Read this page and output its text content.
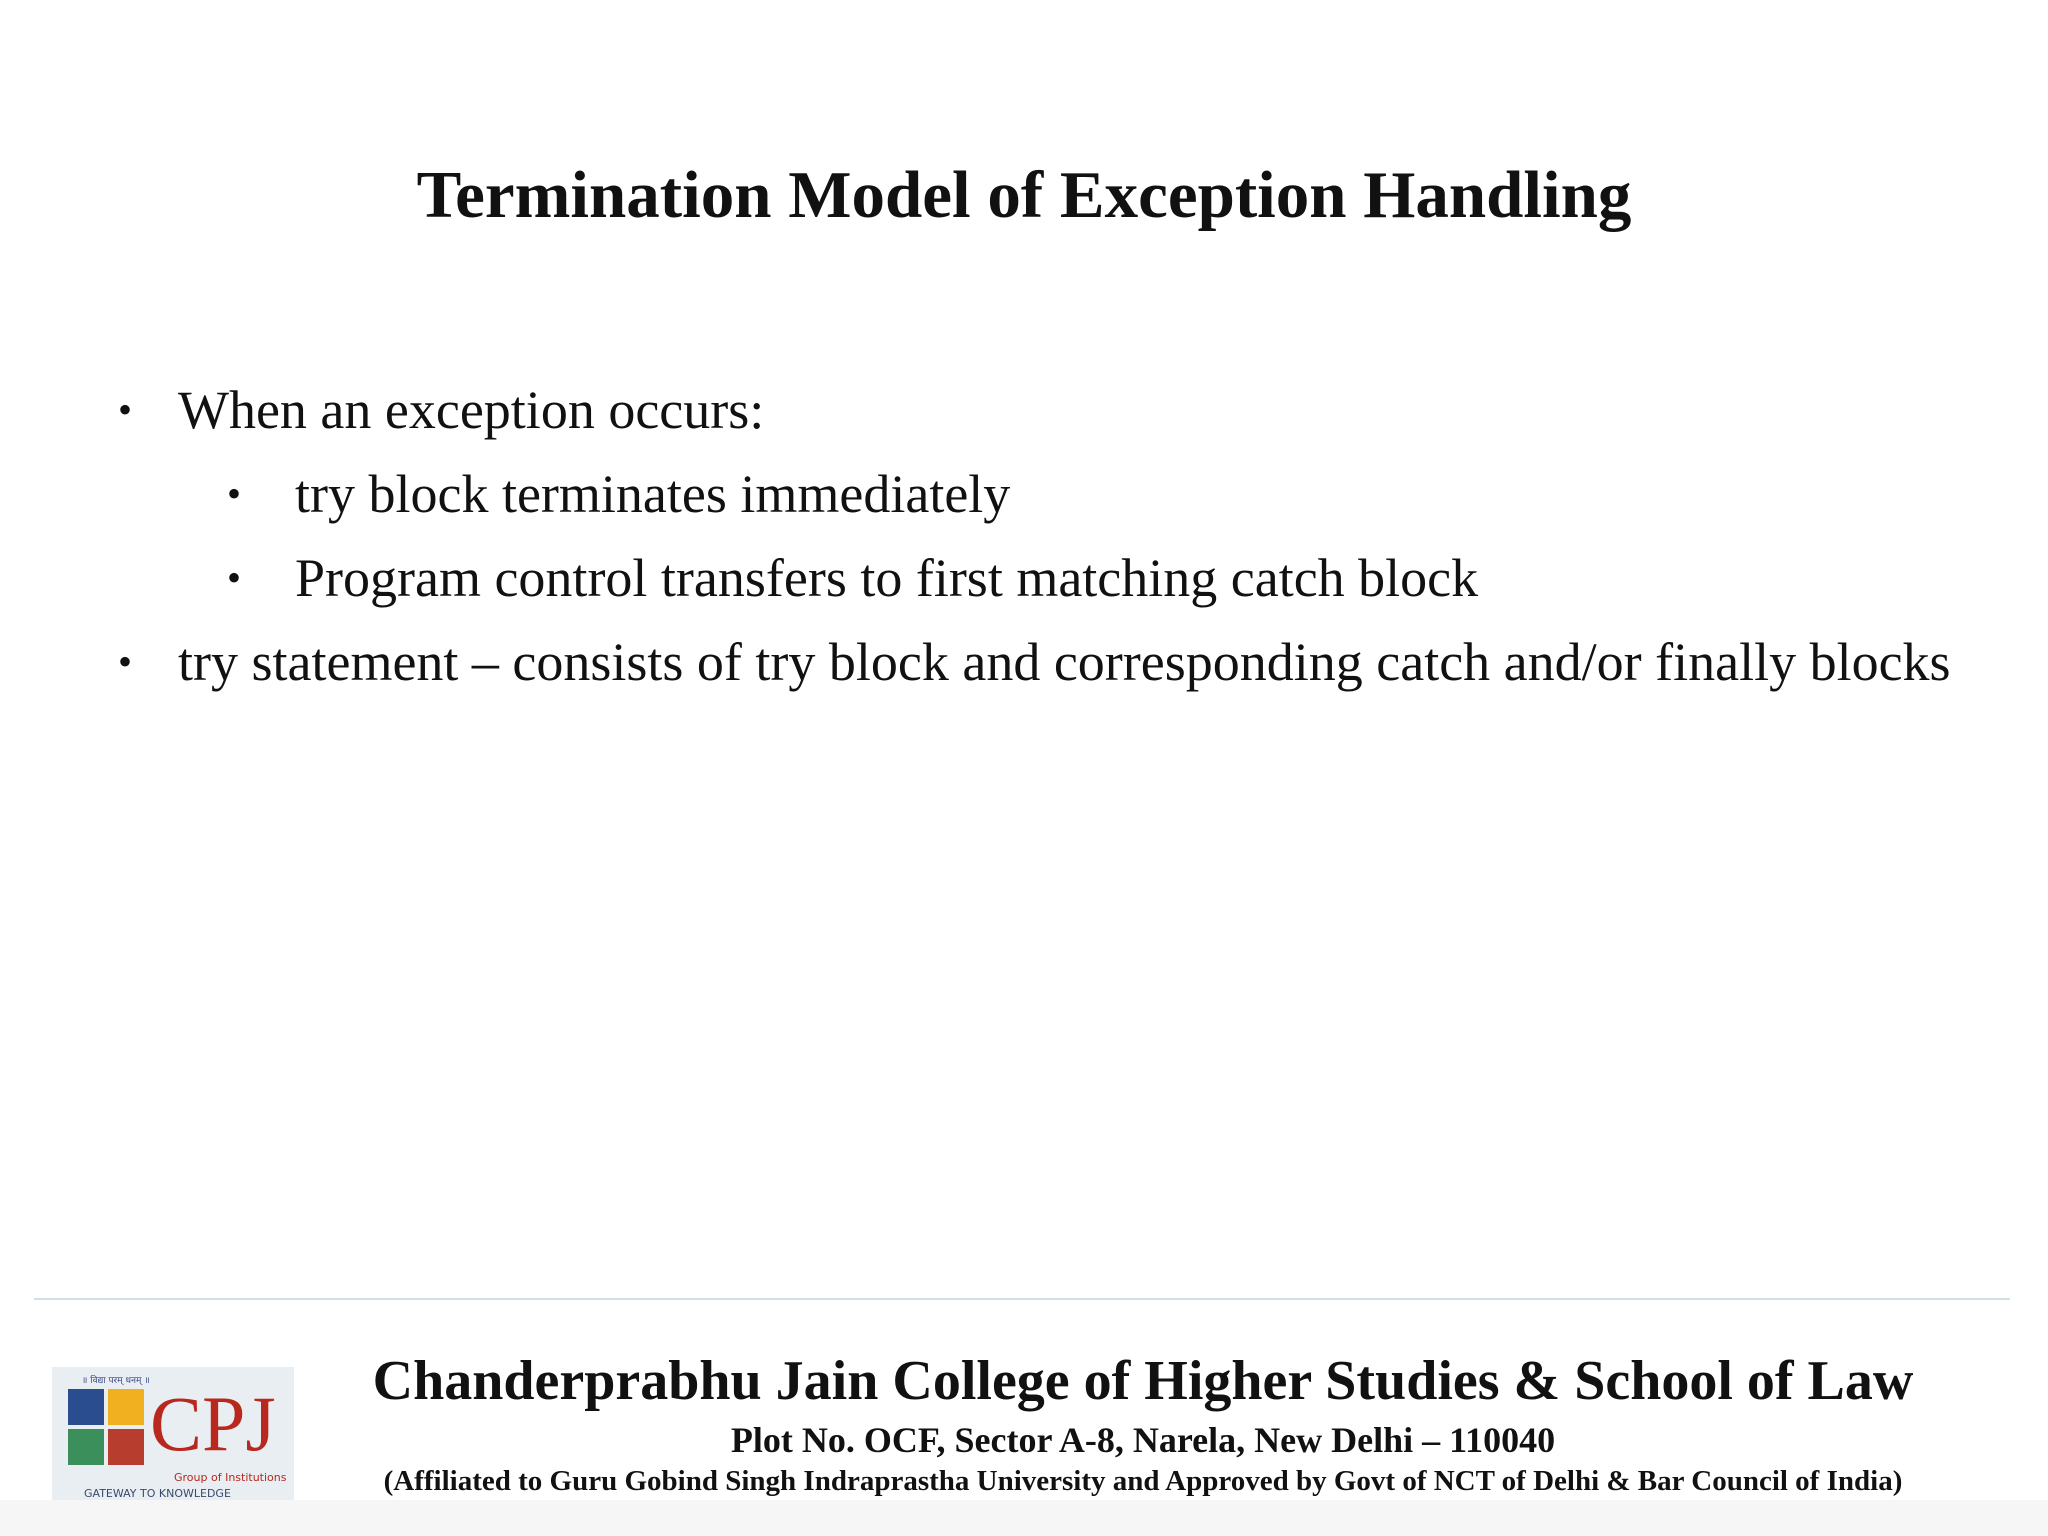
Termination Model of Exception Handling
• When an exception occurs:
• try block terminates immediately
• Program control transfers to first matching catch block
• try statement – consists of try block and corresponding catch and/or finally blocks
॥ विद्या परम् धनम् ॥ CPJ
Group of Institutions
GATEWAY TO KNOWLEDGE
Chanderprabhu Jain College of Higher Studies & School of Law
Plot No. OCF, Sector A-8, Narela, New Delhi – 110040
(Affiliated to Guru Gobind Singh Indraprastha University and Approved by Govt of NCT of Delhi & Bar Council of India)
